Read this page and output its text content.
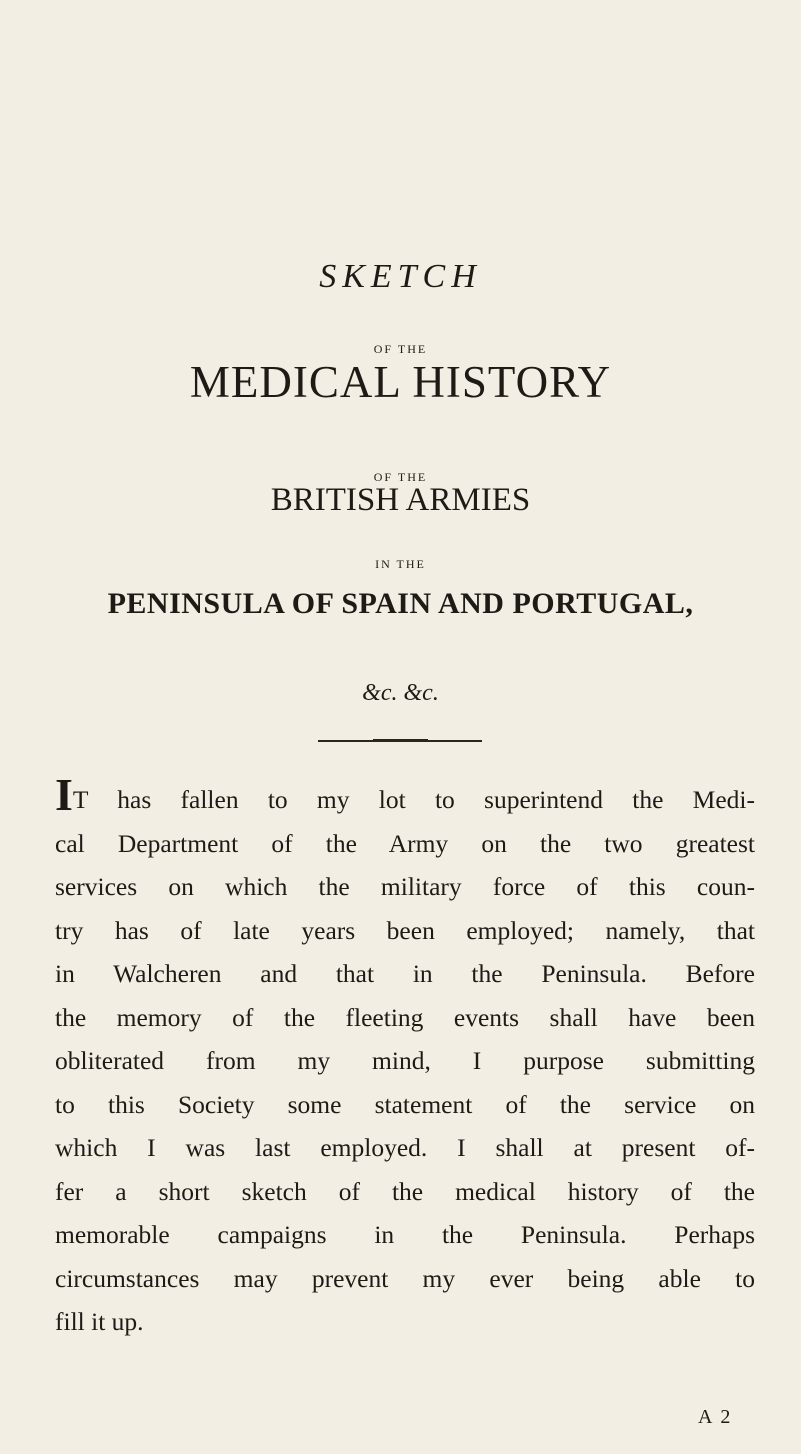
SKETCH
OF THE
MEDICAL HISTORY
OF THE
BRITISH ARMIES
IN THE
PENINSULA OF SPAIN AND PORTUGAL,
&c. &c.
IT has fallen to my lot to superintend the Medi-
cal Department of the Army on the two greatest
services on which the military force of this coun-
try has of late years been employed; namely, that
in Walcheren and that in the Peninsula. Before
the memory of the fleeting events shall have been
obliterated from my mind, I purpose submitting
to this Society some statement of the service on
which I was last employed. I shall at present of-
fer a short sketch of the medical history of the
memorable campaigns in the Peninsula. Perhaps
circumstances may prevent my ever being able to
fill it up.
A 2
